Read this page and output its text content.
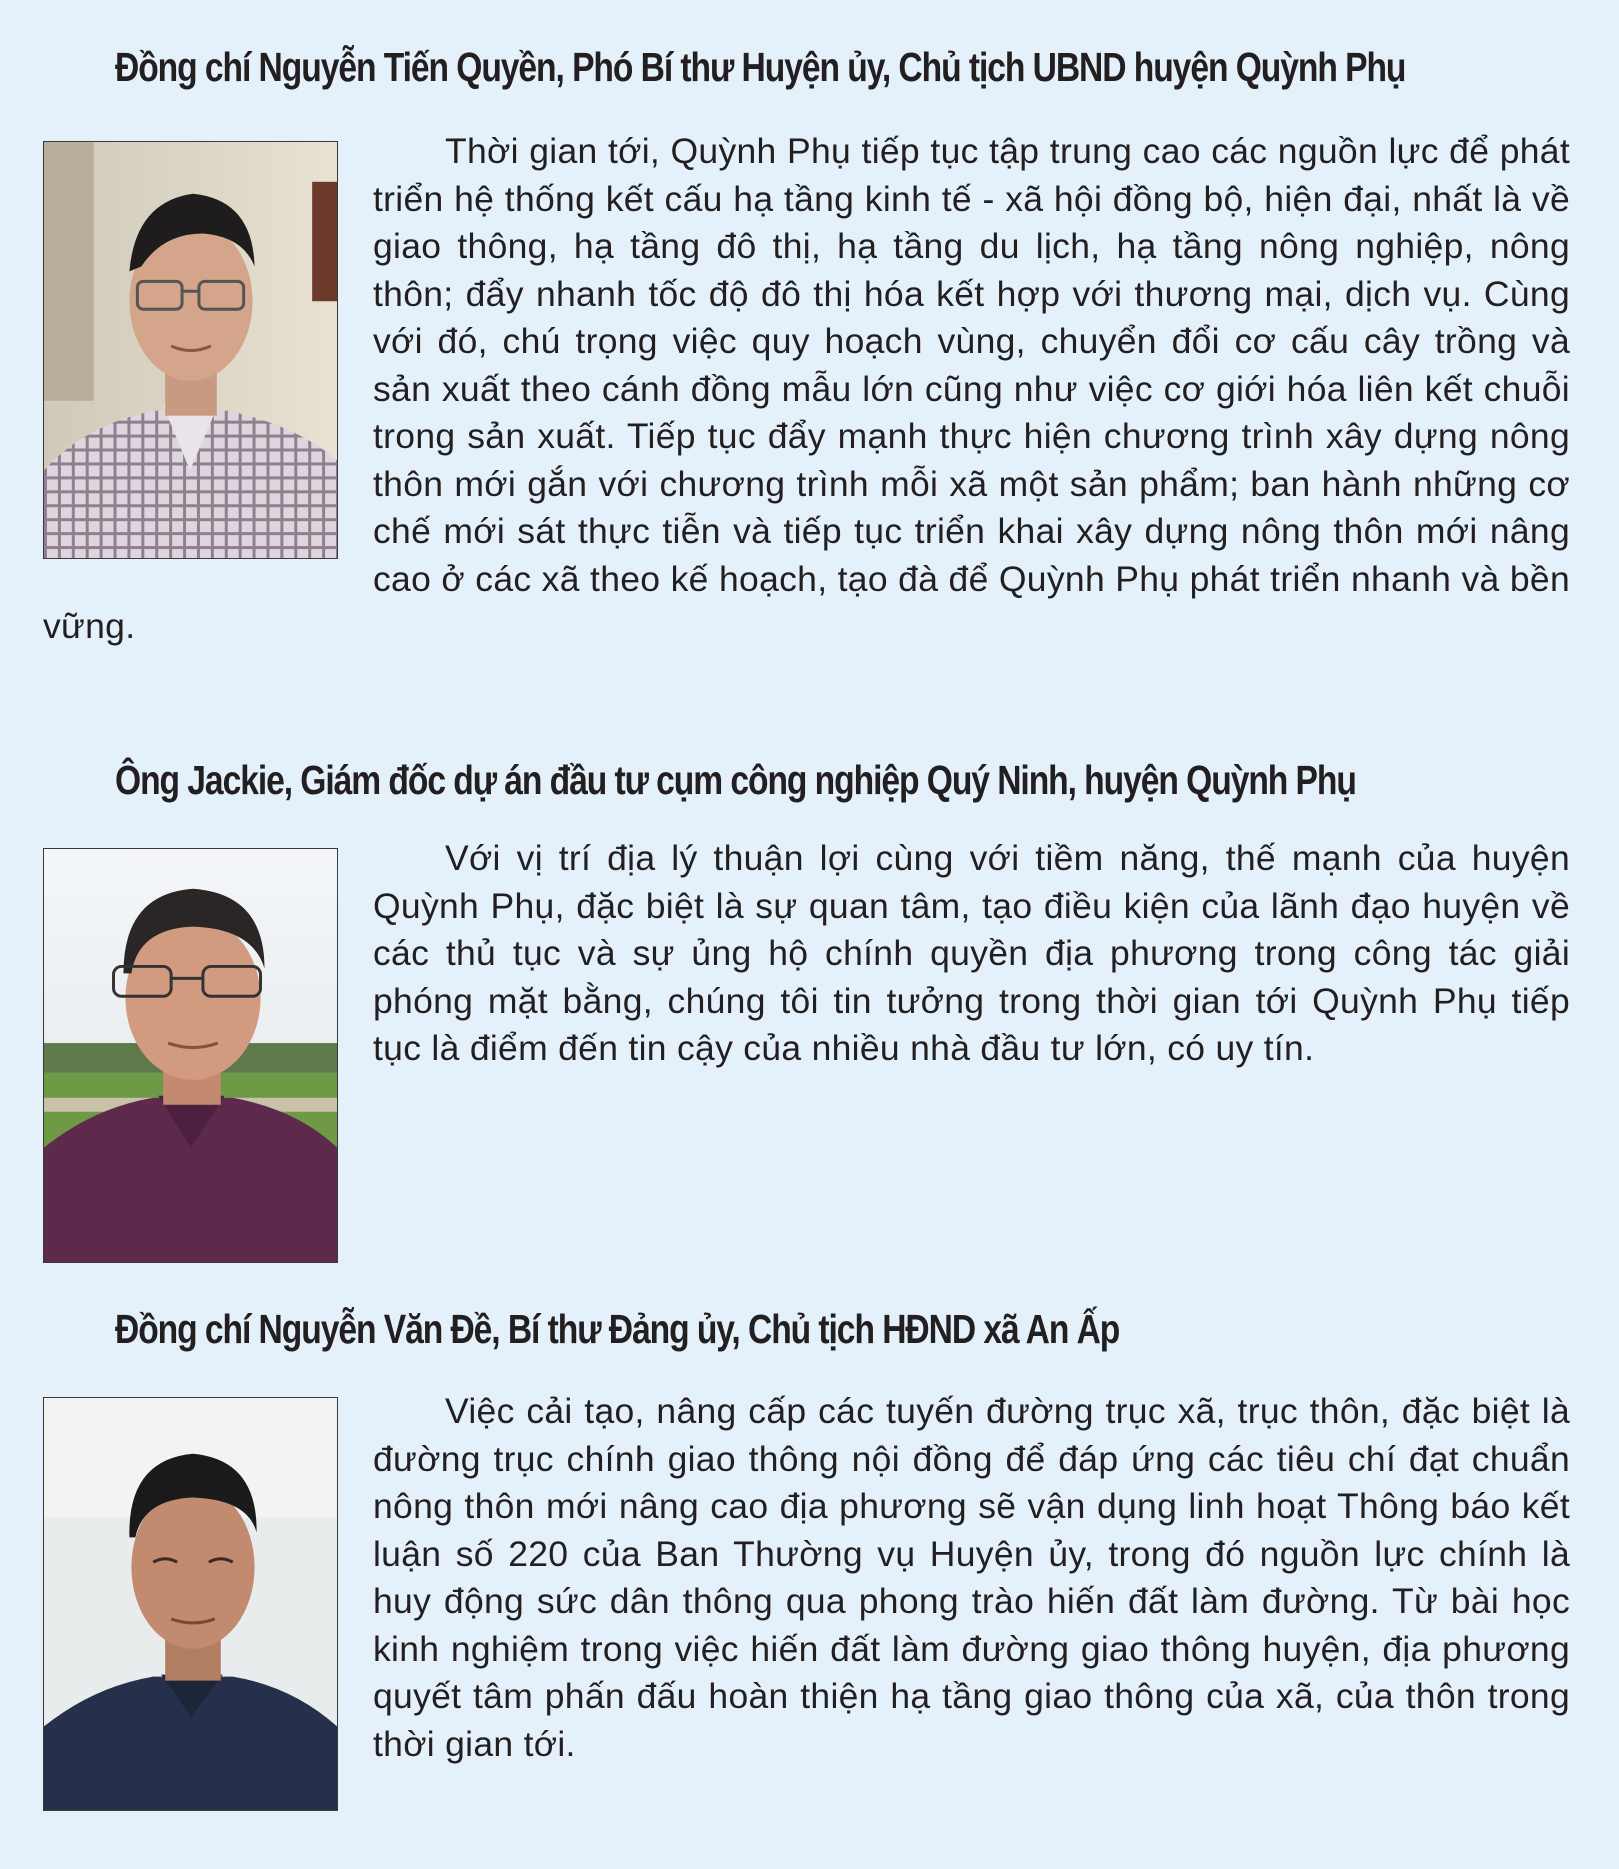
Đồng chí Nguyễn Tiến Quyền, Phó Bí thư Huyện ủy, Chủ tịch UBND huyện Quỳnh Phụ

Thời gian tới, Quỳnh Phụ tiếp tục tập trung cao các nguồn lực để phát triển hệ thống kết cấu hạ tầng kinh tế - xã hội đồng bộ, hiện đại, nhất là về giao thông, hạ tầng đô thị, hạ tầng du lịch, hạ tầng nông nghiệp, nông thôn; đẩy nhanh tốc độ đô thị hóa kết hợp với thương mại, dịch vụ. Cùng với đó, chú trọng việc quy hoạch vùng, chuyển đổi cơ cấu cây trồng và sản xuất theo cánh đồng mẫu lớn cũng như việc cơ giới hóa liên kết chuỗi trong sản xuất. Tiếp tục đẩy mạnh thực hiện chương trình xây dựng nông thôn mới gắn với chương trình mỗi xã một sản phẩm; ban hành những cơ chế mới sát thực tiễn và tiếp tục triển khai xây dựng nông thôn mới nâng cao ở các xã theo kế hoạch, tạo đà để Quỳnh Phụ phát triển nhanh và bền vững.

Ông Jackie, Giám đốc dự án đầu tư cụm công nghiệp Quý Ninh, huyện Quỳnh Phụ

Với vị trí địa lý thuận lợi cùng với tiềm năng, thế mạnh của huyện Quỳnh Phụ, đặc biệt là sự quan tâm, tạo điều kiện của lãnh đạo huyện về các thủ tục và sự ủng hộ chính quyền địa phương trong công tác giải phóng mặt bằng, chúng tôi tin tưởng trong thời gian tới Quỳnh Phụ tiếp tục là điểm đến tin cậy của nhiều nhà đầu tư lớn, có uy tín.

Đồng chí Nguyễn Văn Đề, Bí thư Đảng ủy, Chủ tịch HĐND xã An Ấp

Việc cải tạo, nâng cấp các tuyến đường trục xã, trục thôn, đặc biệt là đường trục chính giao thông nội đồng để đáp ứng các tiêu chí đạt chuẩn nông thôn mới nâng cao địa phương sẽ vận dụng linh hoạt Thông báo kết luận số 220 của Ban Thường vụ Huyện ủy, trong đó nguồn lực chính là huy động sức dân thông qua phong trào hiến đất làm đường. Từ bài học kinh nghiệm trong việc hiến đất làm đường giao thông huyện, địa phương quyết tâm phấn đấu hoàn thiện hạ tầng giao thông của xã, của thôn trong thời gian tới.
